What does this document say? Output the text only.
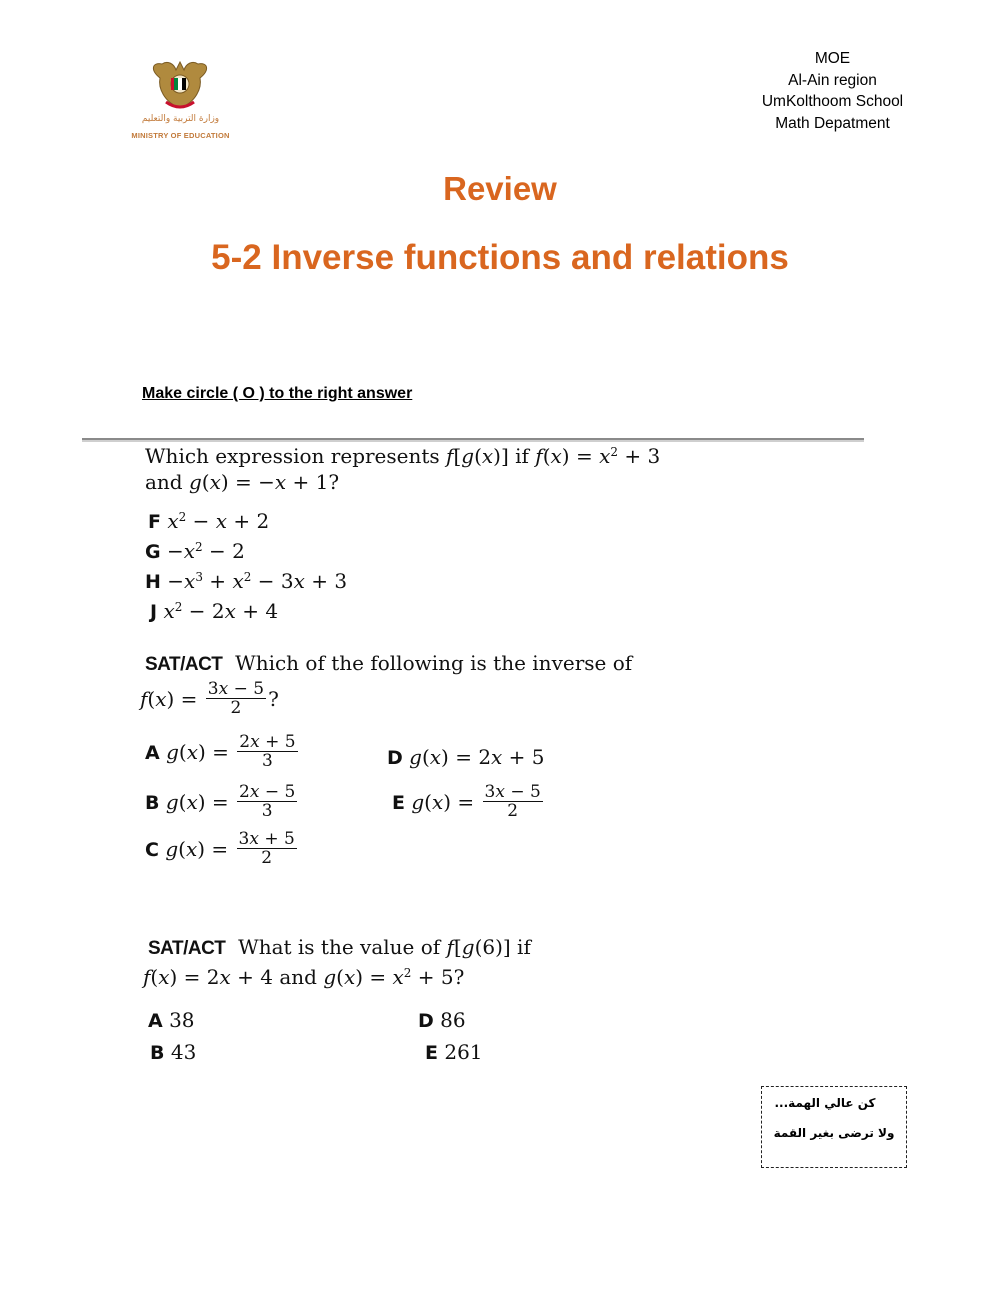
وزارة التربية والتعليم
MINISTRY OF EDUCATION
MOE
Al-Ain region
UmKolthoom School
Math Depatment
Review
5-2 Inverse functions and relations
Make circle ( O ) to the right answer
Which expression represents f[g(x)] if $f(x) = x^2 + 3$
and g(x) = −x + 1?
F $x^2 - x + 2$
$G -x^2 - 2$
$H -x^3 + x^2 - 3x + 3$
J $x^2 - 2x + 4$
SAT/ACT Which of the following is the inverse of
$f(x) = \frac{3x - 5}{2}$ ?
A $g(x) = \frac{2x + 5}{3}$
B $g(x) = \frac{2x - 5}{3}$
C $g(x) = \frac{3x + 5}{2}$
D g(x) = 2x + 5
E $g(x) = \frac{3x - 5}{2}$
SAT/ACT What is the value of f[g(6)] if
f(x) = 2x + 4 and $g(x) = x^2 + 5$?
A 38
B 43
D 86
E 261
كن عالي الهمة...
ولا ترضى بغير القمة
